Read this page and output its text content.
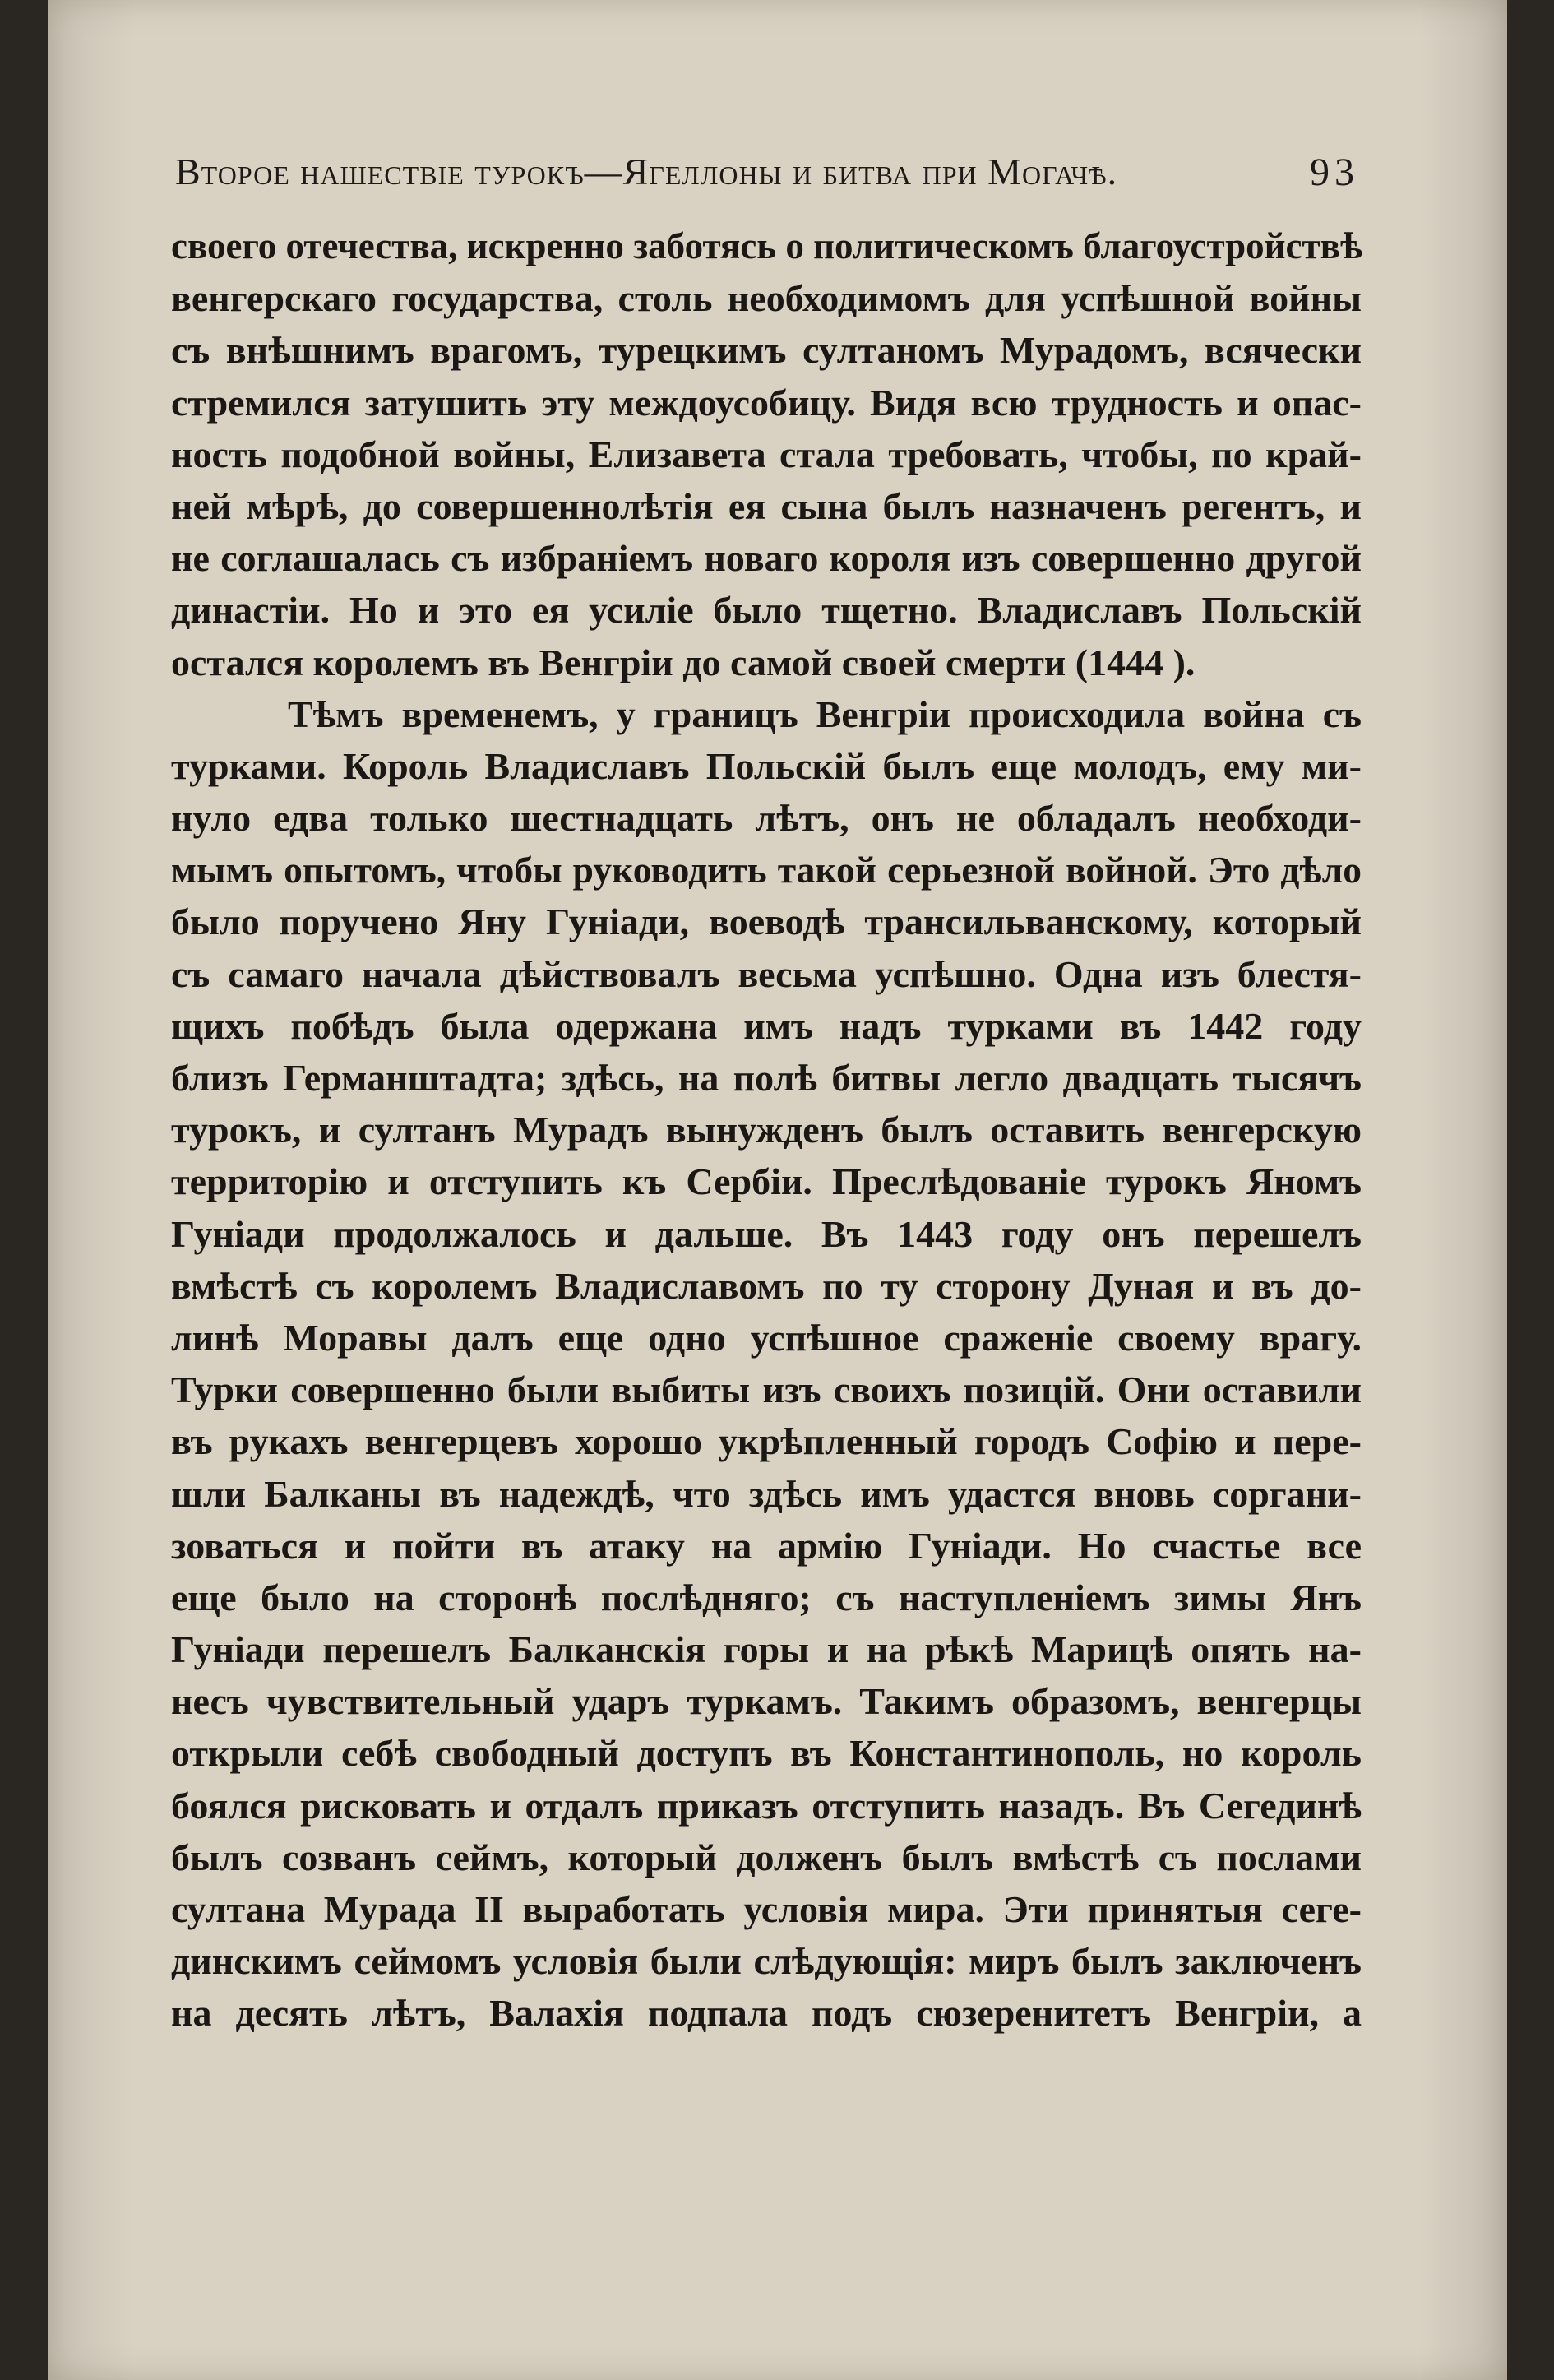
Второе нашествіе турокъ—Ягеллоны и битва при Могачѣ.	93
своего отечества, искренно заботясь о политическомъ благоустройствѣ
венгерскаго государства, столь необходимомъ для успѣшной войны
съ внѣшнимъ врагомъ, турецкимъ султаномъ Мурадомъ, всячески
стремился затушить эту междоусобицу. Видя всю трудность и опас-
ность подобной войны, Елизавета стала требовать, чтобы, по край-
ней мѣрѣ, до совершеннолѣтія ея сына былъ назначенъ регентъ, и
не соглашалась съ избраніемъ новаго короля изъ совершенно другой
династіи. Но и это ея усиліе было тщетно. Владиславъ Польскій
остался королемъ въ Венгріи до самой своей смерти (1444 ).
Тѣмъ временемъ, у границъ Венгріи происходила война съ
турками. Король Владиславъ Польскій былъ еще молодъ, ему ми-
нуло едва только шестнадцать лѣтъ, онъ не обладалъ необходи-
мымъ опытомъ, чтобы руководить такой серьезной войной. Это дѣло
было поручено Яну Гуніади, воеводѣ трансильванскому, который
съ самаго начала дѣйствовалъ весьма успѣшно. Одна изъ блестя-
щихъ побѣдъ была одержана имъ надъ турками въ 1442 году
близъ Германштадта; здѣсь, на полѣ битвы легло двадцать тысячъ
турокъ, и султанъ Мурадъ вынужденъ былъ оставить венгерскую
территорію и отступить къ Сербіи. Преслѣдованіе турокъ Яномъ
Гуніади продолжалось и дальше. Въ 1443 году онъ перешелъ
вмѣстѣ съ королемъ Владиславомъ по ту сторону Дуная и въ до-
линѣ Моравы далъ еще одно успѣшное сраженіе своему врагу.
Турки совершенно были выбиты изъ своихъ позицій. Они оставили
въ рукахъ венгерцевъ хорошо укрѣпленный городъ Софію и пере-
шли Балканы въ надеждѣ, что здѣсь имъ удастся вновь соргани-
зоваться и пойти въ атаку на армію Гуніади. Но счастье все
еще было на сторонѣ послѣдняго; съ наступленіемъ зимы Янъ
Гуніади перешелъ Балканскія горы и на рѣкѣ Марицѣ опять на-
несъ чувствительный ударъ туркамъ. Такимъ образомъ, венгерцы
открыли себѣ свободный доступъ въ Константинополь, но король
боялся рисковать и отдалъ приказъ отступить назадъ. Въ Сегединѣ
былъ созванъ сеймъ, который долженъ былъ вмѣстѣ съ послами
султана Мурада II выработать условія мира. Эти принятыя сеге-
динскимъ сеймомъ условія были слѣдующія: миръ былъ заключенъ
на десять лѣтъ, Валахія подпала подъ сюзеренитетъ Венгріи, а
